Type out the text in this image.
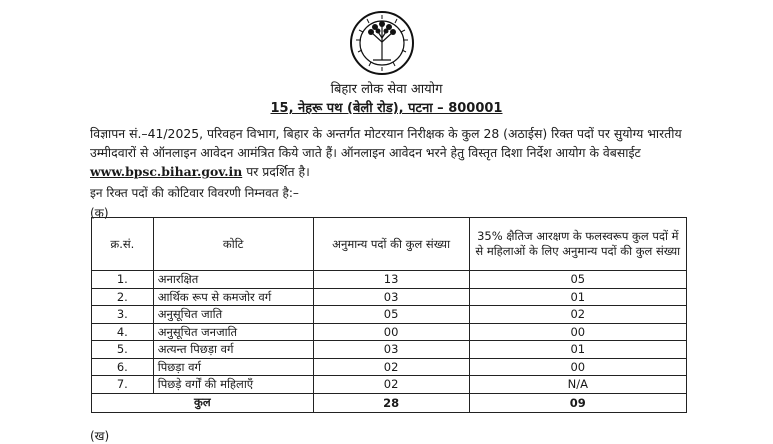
बिहार लोक सेवा आयोग
15, नेहरू पथ (बेली रोड), पटना – 800001
विज्ञापन सं.–41/2025, परिवहन विभाग, बिहार के अन्तर्गत मोटरयान निरीक्षक के कुल 28 (अठाईस) रिक्त पदों पर सुयोग्य भारतीय उम्मीदवारों से ऑनलाइन आवेदन आमंत्रित किये जाते हैं। ऑनलाइन आवेदन भरने हेतु विस्तृत दिशा निर्देश आयोग के वेबसाईट www.bpsc.bihar.gov.in पर प्रदर्शित है।
इन रिक्त पदों की कोटिवार विवरणी निम्नवत है:–
(क)
क्र.सं.	कोटि	अनुमान्य पदों की कुल संख्या	35% क्षैतिज आरक्षण के फलस्वरूप कुल पदों में से महिलाओं के लिए अनुमान्य पदों की कुल संख्या
1.	अनारक्षित	13	05
2.	आर्थिक रूप से कमजोर वर्ग	03	01
3.	अनुसूचित जाति	05	02
4.	अनुसूचित जनजाति	00	00
5.	अत्यन्त पिछड़ा वर्ग	03	01
6.	पिछड़ा वर्ग	02	00
7.	पिछड़े वर्गों की महिलाएँ	02	N/A
कुल		28	09
(ख)
